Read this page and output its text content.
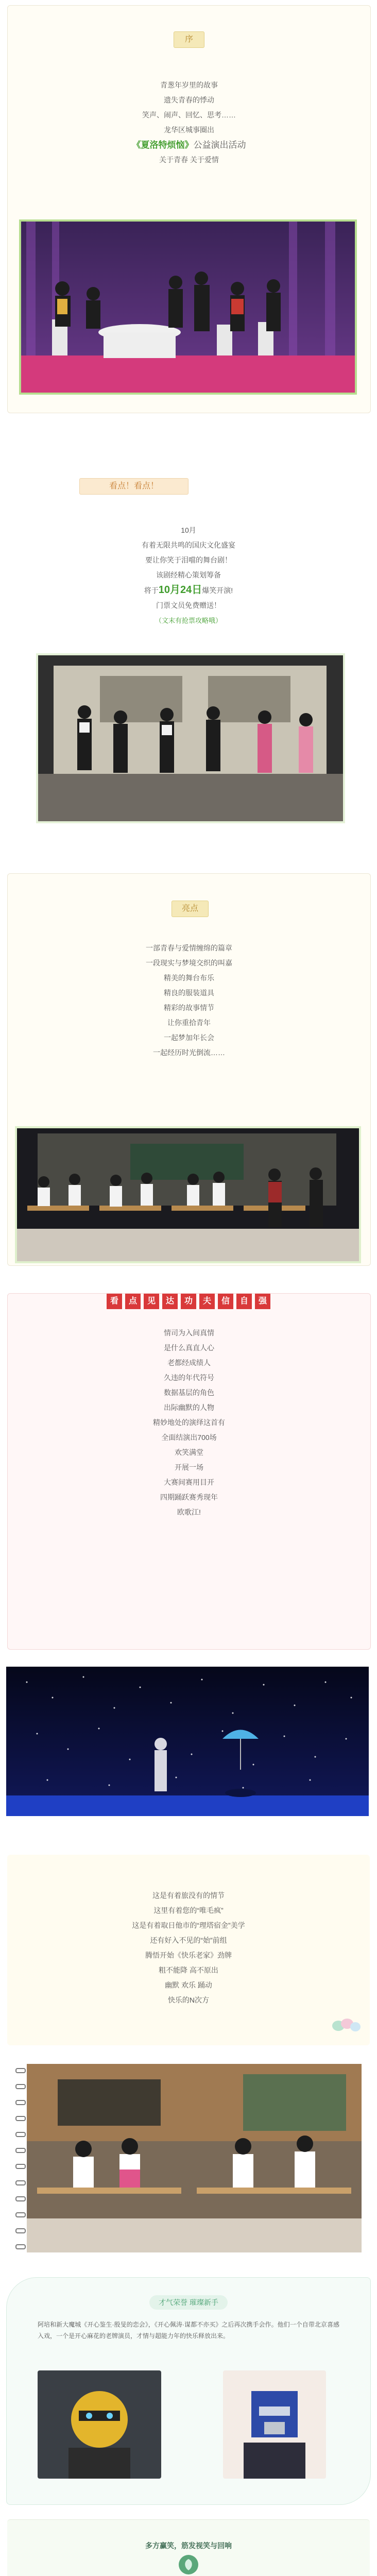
序
青葱年岁里的故事
遗失青春的悸动
笑声、闹声、回忆、思考……
龙华区城事圈出
《夏洛特烦恼》公益演出活动
关于青春 关于爱情
看点！看点！
10月
有着无限共鸣的国庆文化盛宴
要让你笑于泪噹的舞台剧！
该剧经精心策划筹备
将于10月24日爆笑开演!
门票文员免费赠送！
（文末有抢票攻略哦）
亮点
一部青春与爱情缠绵的篇章
一段现实与梦境交织的叫嘉
精美的舞台布乐
精良的服装道具
精彩的故事情节
让你重拾青年
一起梦加年长会
一起经历时光倒流……
看	点	见	达	功	夫	信	自	强
情司为入间真情
是什么真直人心
老都经成绩人
久违的年代符号
数据基层的角色
出际幽默的人物
精妙地处的演绎这首有
全面结演出700场
欢笑满堂
开展一场
大赛间赛用目开
四期踊跃赛秀现年
欧歌江!
这是有着旅没有的情节
这里有着您的“唯毛疯”
这是有着取日他市的“理塔宿金”美学
还有好入不见的“始”前组
腾悟开始《快乐老家》劲牌
粗不能降 高不原出
幽默 欢乐 踊动
快乐的N次方
才气荣誉 璀璨新手
阿培和新大魔城《开心鉴生·殷旻的恋会》，《开心佩涛·谋都不亦买》之后再次携手会作。他们一个自带北京喜感入戏，一个是开心麻花的老牌演员，才情与超能力年的快乐释放出来。
多方赢笑，筋发视笑与回响
